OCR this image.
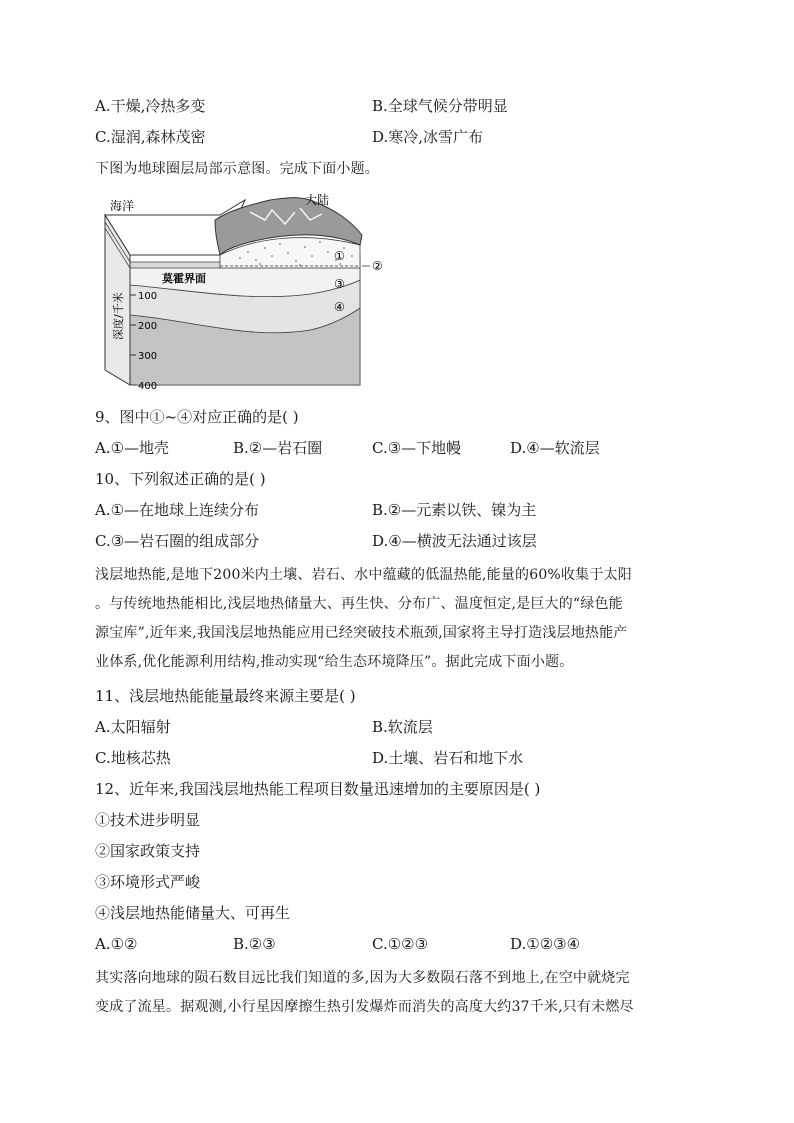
A.干燥,冷热多变	B.全球气候分带明显
C.湿润,森林茂密	D.寒冷,冰雪广布
下图为地球圈层局部示意图。完成下面小题。
海洋	大陆
莫霍界面
深度/千米 100
200
300
400
①
②
③
④
9、图中①~④对应正确的是( )
A.①—地壳	B.②—岩石圈	C.③—下地幔	D.④—软流层
10、下列叙述正确的是( )
A.①—在地球上连续分布	B.②—元素以铁、镍为主
C.③—岩石圈的组成部分	D.④—横波无法通过该层
浅层地热能,是地下200米内土壤、岩石、水中蕴藏的低温热能,能量的60%收集于太阳
。与传统地热能相比,浅层地热储量大、再生快、分布广、温度恒定,是巨大的“绿色能
源宝库”,近年来,我国浅层地热能应用已经突破技术瓶颈,国家将主导打造浅层地热能产
业体系,优化能源利用结构,推动实现“给生态环境降压”。据此完成下面小题。
11、浅层地热能能量最终来源主要是( )
A.太阳辐射	B.软流层
C.地核芯热	D.土壤、岩石和地下水
12、近年来,我国浅层地热能工程项目数量迅速增加的主要原因是( )
①技术进步明显
②国家政策支持
③环境形式严峻
④浅层地热能储量大、可再生
A.①②	B.②③	C.①②③	D.①②③④
其实落向地球的陨石数目远比我们知道的多,因为大多数陨石落不到地上,在空中就烧完
变成了流星。据观测,小行星因摩擦生热引发爆炸而消失的高度大约37千米,只有未燃尽
